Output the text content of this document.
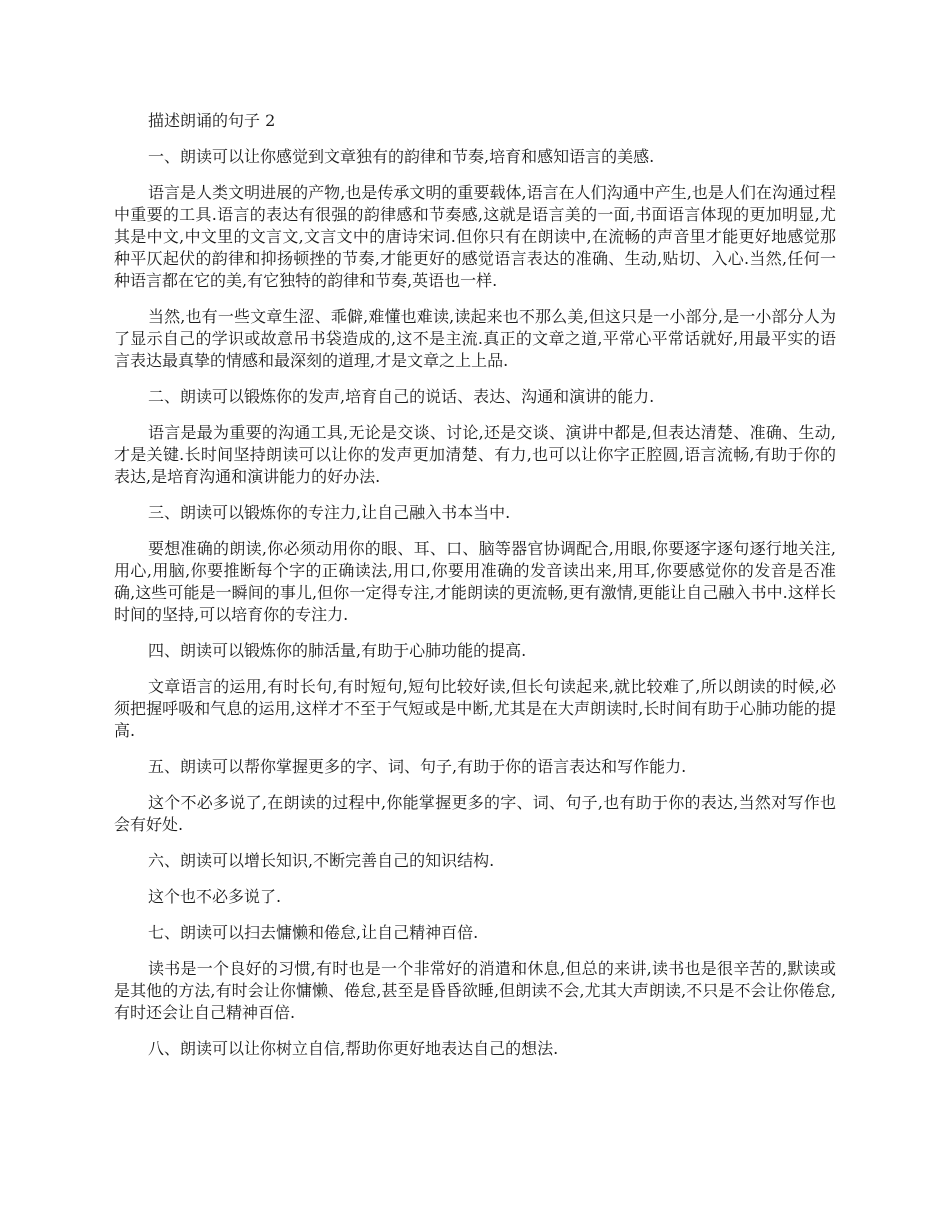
描述朗诵的句子 2

一、朗读可以让你感觉到文章独有的韵律和节奏,培育和感知语言的美感.

语言是人类文明进展的产物,也是传承文明的重要载体,语言在人们沟通中产生,也是人们在沟通过程中重要的工具.语言的表达有很强的韵律感和节奏感,这就是语言美的一面,书面语言体现的更加明显,尤其是中文,中文里的文言文,文言文中的唐诗宋词.但你只有在朗读中,在流畅的声音里才能更好地感觉那种平仄起伏的韵律和抑扬顿挫的节奏,才能更好的感觉语言表达的准确、生动,贴切、入心.当然,任何一种语言都在它的美,有它独特的韵律和节奏,英语也一样.

当然,也有一些文章生涩、乖僻,难懂也难读,读起来也不那么美,但这只是一小部分,是一小部分人为了显示自己的学识或故意吊书袋造成的,这不是主流.真正的文章之道,平常心平常话就好,用最平实的语言表达最真挚的情感和最深刻的道理,才是文章之上上品.

二、朗读可以锻炼你的发声,培育自己的说话、表达、沟通和演讲的能力.

语言是最为重要的沟通工具,无论是交谈、讨论,还是交谈、演讲中都是,但表达清楚、准确、生动,才是关键.长时间坚持朗读可以让你的发声更加清楚、有力,也可以让你字正腔圆,语言流畅,有助于你的表达,是培育沟通和演讲能力的好办法.

三、朗读可以锻炼你的专注力,让自己融入书本当中.

要想准确的朗读,你必须动用你的眼、耳、口、脑等器官协调配合,用眼,你要逐字逐句逐行地关注,用心,用脑,你要推断每个字的正确读法,用口,你要用准确的发音读出来,用耳,你要感觉你的发音是否准确,这些可能是一瞬间的事儿,但你一定得专注,才能朗读的更流畅,更有激情,更能让自己融入书中.这样长时间的坚持,可以培育你的专注力.

四、朗读可以锻炼你的肺活量,有助于心肺功能的提高.

文章语言的运用,有时长句,有时短句,短句比较好读,但长句读起来,就比较难了,所以朗读的时候,必须把握呼吸和气息的运用,这样才不至于气短或是中断,尤其是在大声朗读时,长时间有助于心肺功能的提高.

五、朗读可以帮你掌握更多的字、词、句子,有助于你的语言表达和写作能力.

这个不必多说了,在朗读的过程中,你能掌握更多的字、词、句子,也有助于你的表达,当然对写作也会有好处.

六、朗读可以增长知识,不断完善自己的知识结构.

这个也不必多说了.

七、朗读可以扫去慵懒和倦怠,让自己精神百倍.

读书是一个良好的习惯,有时也是一个非常好的消遣和休息,但总的来讲,读书也是很辛苦的,默读或是其他的方法,有时会让你慵懒、倦怠,甚至是昏昏欲睡,但朗读不会,尤其大声朗读,不只是不会让你倦怠,有时还会让自己精神百倍.

八、朗读可以让你树立自信,帮助你更好地表达自己的想法.
